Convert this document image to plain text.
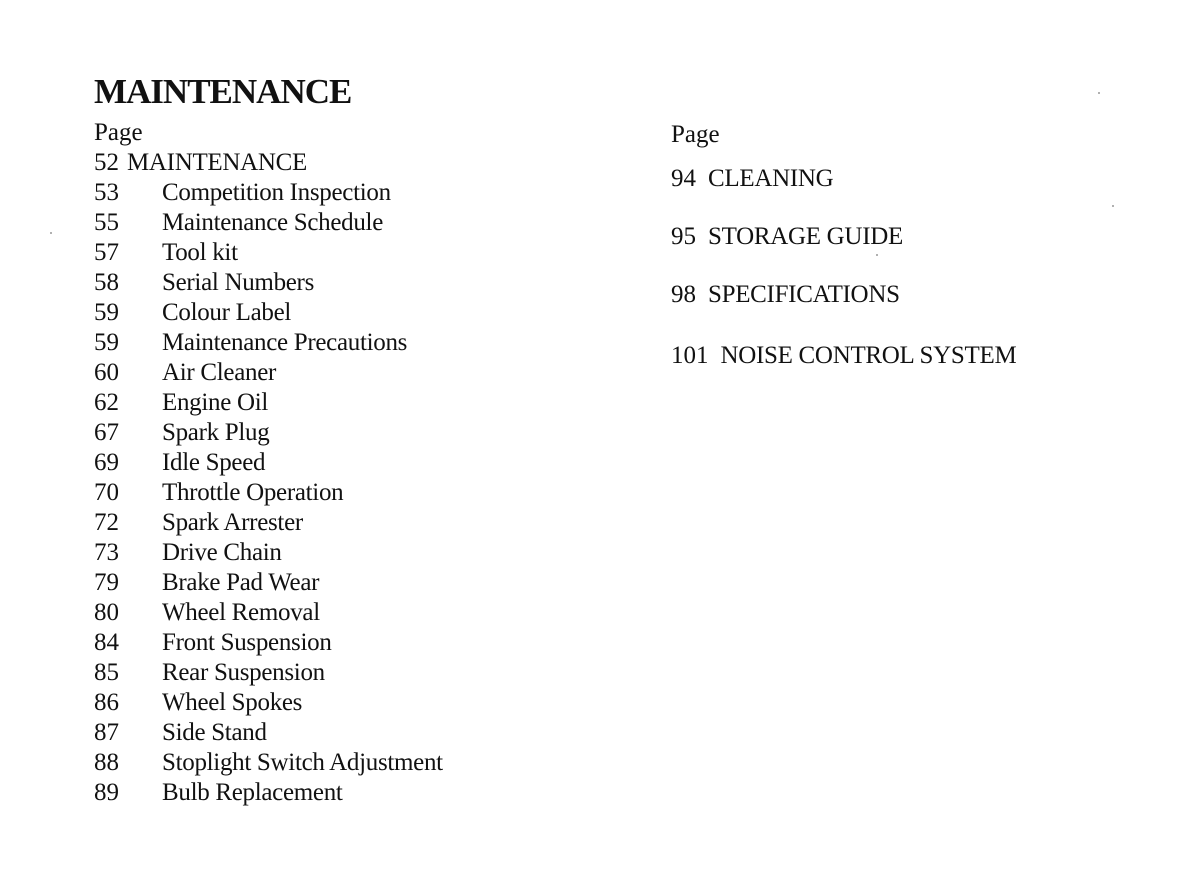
MAINTENANCE
Page
52 MAINTENANCE
53	Competition Inspection
55	Maintenance Schedule
57	Tool kit
58	Serial Numbers
59	Colour Label
59	Maintenance Precautions
60	Air Cleaner
62	Engine Oil
67	Spark Plug
69	Idle Speed
70	Throttle Operation
72	Spark Arrester
73	Drive Chain
79	Brake Pad Wear
80	Wheel Removal
84	Front Suspension
85	Rear Suspension
86	Wheel Spokes
87	Side Stand
88	Stoplight Switch Adjustment
89	Bulb Replacement
Page
94 CLEANING
95 STORAGE GUIDE
98 SPECIFICATIONS
101 NOISE CONTROL SYSTEM
